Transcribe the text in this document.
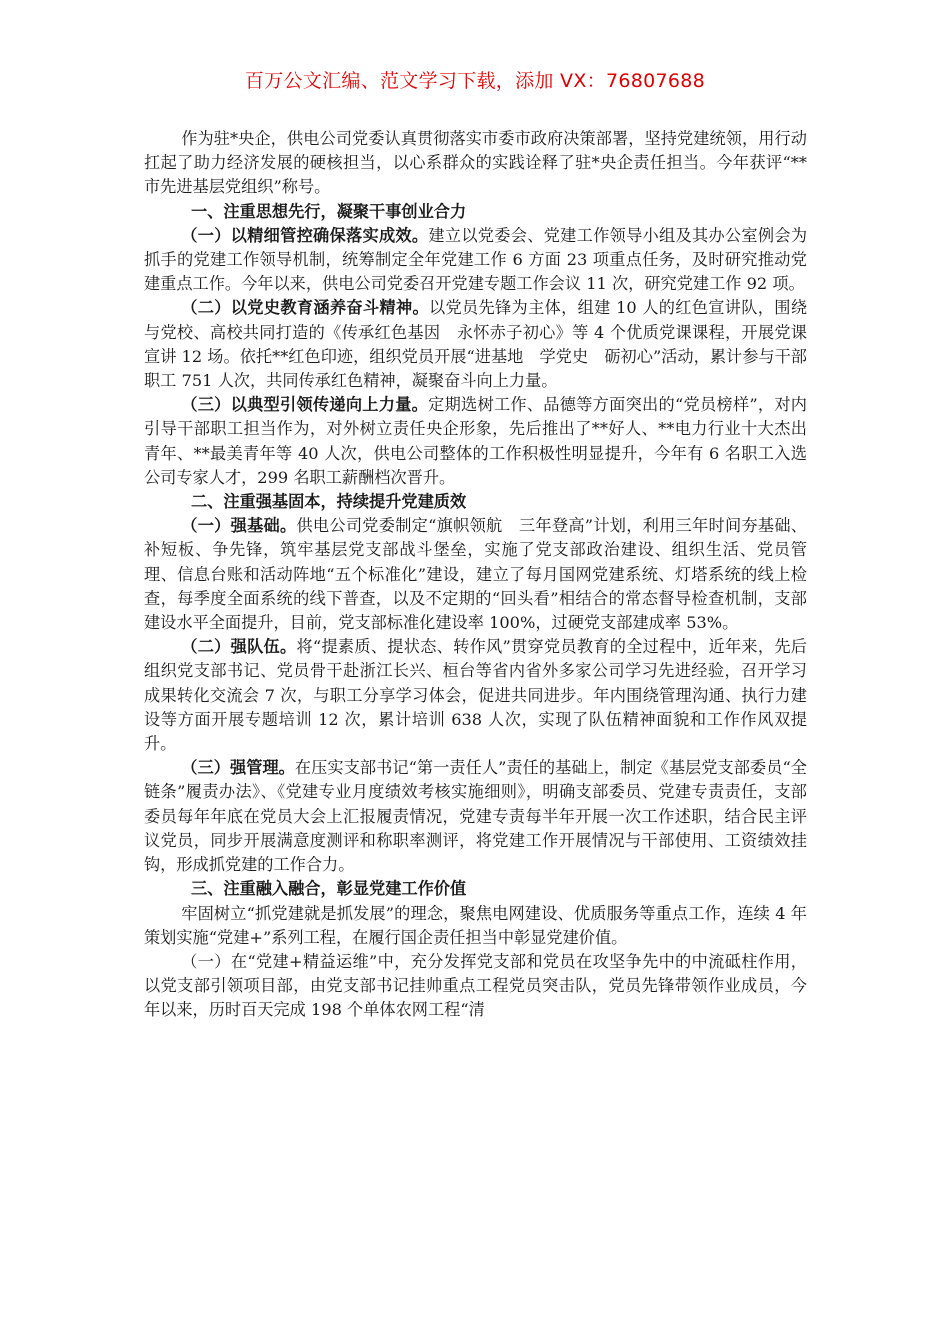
百万公文汇编、范文学习下载，添加 VX：76807688

作为驻*央企，供电公司党委认真贯彻落实市委市政府决策部署，坚持党建统领，用行动扛起了助力经济发展的硬核担当，以心系群众的实践诠释了驻*央企责任担当。今年获评“**市先进基层党组织”称号。

一、注重思想先行，凝聚干事创业合力

（一）以精细管控确保落实成效。建立以党委会、党建工作领导小组及其办公室例会为抓手的党建工作领导机制，统筹制定全年党建工作 6 方面 23 项重点任务，及时研究推动党建重点工作。今年以来，供电公司党委召开党建专题工作会议 11 次，研究党建工作 92 项。

（二）以党史教育涵养奋斗精神。以党员先锋为主体，组建 10 人的红色宣讲队，围绕与党校、高校共同打造的《传承红色基因　永怀赤子初心》等 4 个优质党课课程，开展党课宣讲 12 场。依托**红色印迹，组织党员开展“进基地　学党史　砺初心”活动，累计参与干部职工 751 人次，共同传承红色精神，凝聚奋斗向上力量。

（三）以典型引领传递向上力量。定期选树工作、品德等方面突出的“党员榜样”，对内引导干部职工担当作为，对外树立责任央企形象，先后推出了**好人、**电力行业十大杰出青年、**最美青年等 40 人次，供电公司整体的工作积极性明显提升，今年有 6 名职工入选公司专家人才，299 名职工薪酬档次晋升。

二、注重强基固本，持续提升党建质效

（一）强基础。供电公司党委制定“旗帜领航　三年登高”计划，利用三年时间夯基础、补短板、争先锋，筑牢基层党支部战斗堡垒，实施了党支部政治建设、组织生活、党员管理、信息台账和活动阵地“五个标准化”建设，建立了每月国网党建系统、灯塔系统的线上检查，每季度全面系统的线下普查，以及不定期的“回头看”相结合的常态督导检查机制，支部建设水平全面提升，目前，党支部标准化建设率 100%，过硬党支部建成率 53%。

（二）强队伍。将“提素质、提状态、转作风”贯穿党员教育的全过程中，近年来，先后组织党支部书记、党员骨干赴浙江长兴、桓台等省内省外多家公司学习先进经验，召开学习成果转化交流会 7 次，与职工分享学习体会，促进共同进步。年内围绕管理沟通、执行力建设等方面开展专题培训 12 次，累计培训 638 人次，实现了队伍精神面貌和工作作风双提升。

（三）强管理。在压实支部书记“第一责任人”责任的基础上，制定《基层党支部委员“全链条”履责办法》、《党建专业月度绩效考核实施细则》，明确支部委员、党建专责责任，支部委员每年年底在党员大会上汇报履责情况，党建专责每半年开展一次工作述职，结合民主评议党员，同步开展满意度测评和称职率测评，将党建工作开展情况与干部使用、工资绩效挂钩，形成抓党建的工作合力。

三、注重融入融合，彰显党建工作价值

牢固树立“抓党建就是抓发展”的理念，聚焦电网建设、优质服务等重点工作，连续 4 年策划实施“党建+”系列工程，在履行国企责任担当中彰显党建价值。

（一）在“党建+精益运维”中，充分发挥党支部和党员在攻坚争先中的中流砥柱作用，以党支部引领项目部，由党支部书记挂帅重点工程党员突击队，党员先锋带领作业成员，今年以来，历时百天完成 198 个单体农网工程“清
